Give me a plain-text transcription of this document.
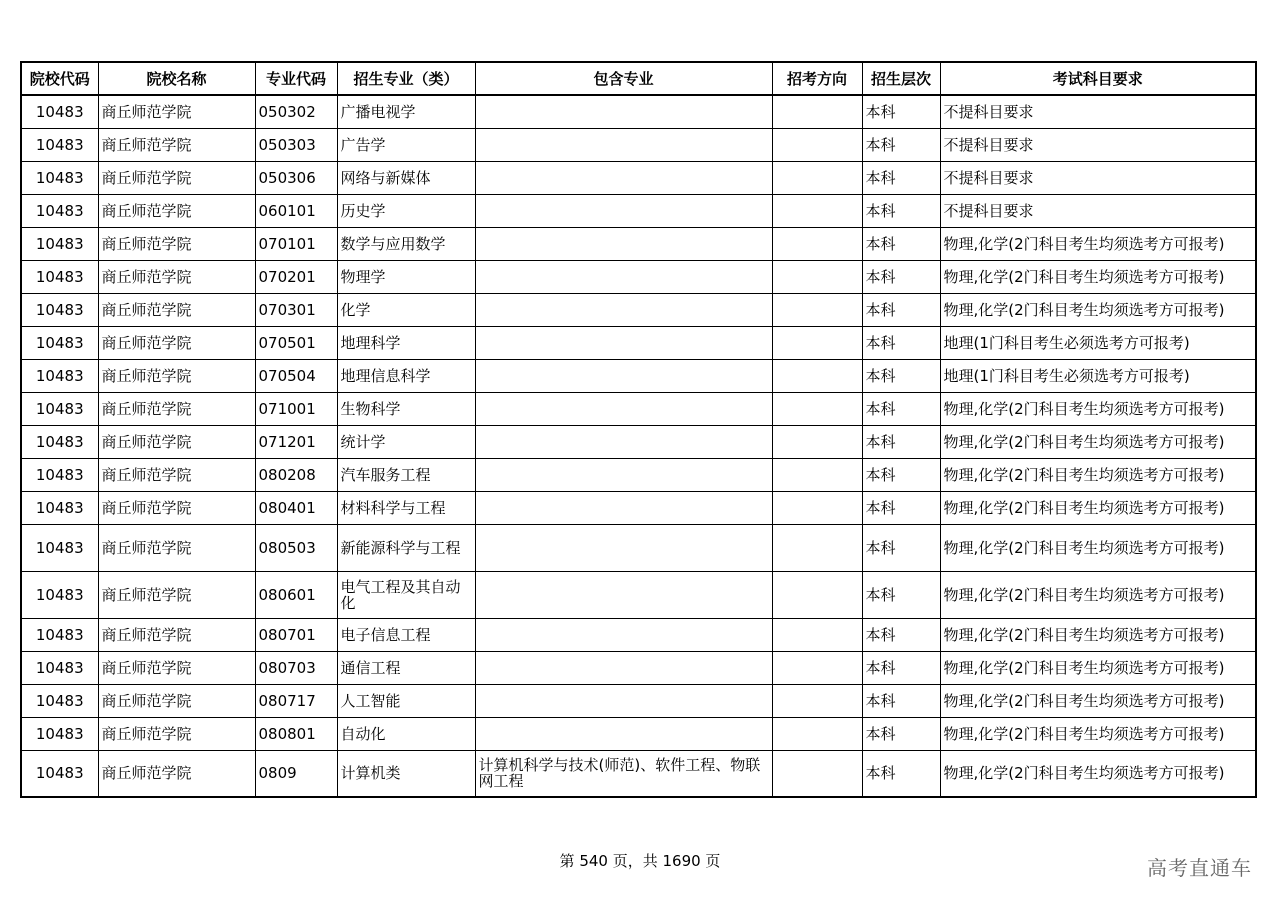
院校代码	院校名称	专业代码	招生专业（类）	包含专业	招考方向	招生层次	考试科目要求
10483	商丘师范学院	050302	广播电视学			本科	不提科目要求
10483	商丘师范学院	050303	广告学			本科	不提科目要求
10483	商丘师范学院	050306	网络与新媒体			本科	不提科目要求
10483	商丘师范学院	060101	历史学			本科	不提科目要求
10483	商丘师范学院	070101	数学与应用数学			本科	物理,化学(2门科目考生均须选考方可报考)
10483	商丘师范学院	070201	物理学			本科	物理,化学(2门科目考生均须选考方可报考)
10483	商丘师范学院	070301	化学			本科	物理,化学(2门科目考生均须选考方可报考)
10483	商丘师范学院	070501	地理科学			本科	地理(1门科目考生必须选考方可报考)
10483	商丘师范学院	070504	地理信息科学			本科	地理(1门科目考生必须选考方可报考)
10483	商丘师范学院	071001	生物科学			本科	物理,化学(2门科目考生均须选考方可报考)
10483	商丘师范学院	071201	统计学			本科	物理,化学(2门科目考生均须选考方可报考)
10483	商丘师范学院	080208	汽车服务工程			本科	物理,化学(2门科目考生均须选考方可报考)
10483	商丘师范学院	080401	材料科学与工程			本科	物理,化学(2门科目考生均须选考方可报考)
10483	商丘师范学院	080503	新能源科学与工程			本科	物理,化学(2门科目考生均须选考方可报考)
10483	商丘师范学院	080601	电气工程及其自动化			本科	物理,化学(2门科目考生均须选考方可报考)
10483	商丘师范学院	080701	电子信息工程			本科	物理,化学(2门科目考生均须选考方可报考)
10483	商丘师范学院	080703	通信工程			本科	物理,化学(2门科目考生均须选考方可报考)
10483	商丘师范学院	080717	人工智能			本科	物理,化学(2门科目考生均须选考方可报考)
10483	商丘师范学院	080801	自动化			本科	物理,化学(2门科目考生均须选考方可报考)
10483	商丘师范学院	0809	计算机类	计算机科学与技术(师范)、软件工程、物联网工程		本科	物理,化学(2门科目考生均须选考方可报考)
第 540 页，共 1690 页	高考直通车
